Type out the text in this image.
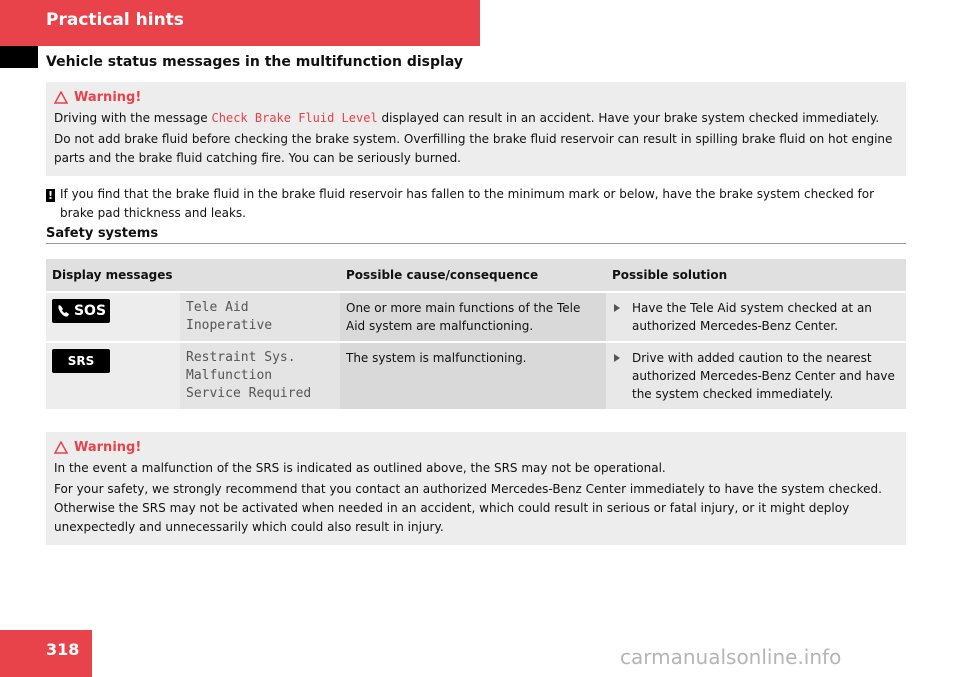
Practical hints
Vehicle status messages in the multifunction display
Warning!

Driving with the message Check Brake Fluid Level displayed can result in an accident. Have your brake system checked immediately.

Do not add brake fluid before checking the brake system. Overfilling the brake fluid reservoir can result in spilling brake fluid on hot engine parts and the brake fluid catching fire. You can be seriously burned.

! If you find that the brake fluid in the brake fluid reservoir has fallen to the minimum mark or below, have the brake system checked for
brake pad thickness and leaks.
Safety systems
Display messages		Possible cause/consequence	Possible solution

SOS	Tele Aid
Inoperative	One or more main functions of the Tele Aid system are malfunctioning.	Have the Tele Aid system checked at an authorized Mercedes-Benz Center.

SRS	Restraint Sys.
Malfunction
Service Required	The system is malfunctioning.	Drive with added caution to the nearest authorized Mercedes-Benz Center and have the system checked immediately.
Warning!

In the event a malfunction of the SRS is indicated as outlined above, the SRS may not be operational.

For your safety, we strongly recommend that you contact an authorized Mercedes-Benz Center immediately to have the system checked. Otherwise the SRS may not be activated when needed in an accident, which could result in serious or fatal injury, or it might deploy unexpectedly and unnecessarily which could also result in injury.

318	carmanualsonline.info
